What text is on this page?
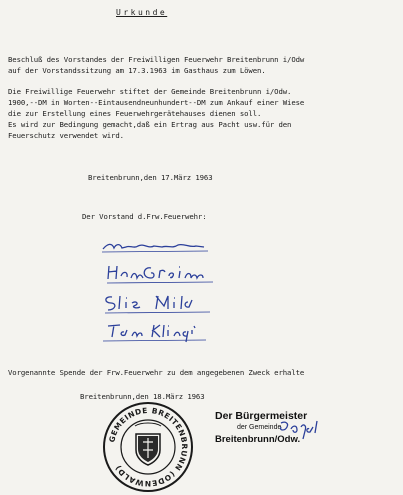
Urkunde
Beschluß des Vorstandes der Freiwilligen Feuerwehr Breitenbrunn i/Odw
auf der Vorstandssitzung am 17.3.1963 im Gasthaus zum Löwen.
Die Freiwillige Feuerwehr stiftet der Gemeinde Breitenbrunn i/Odw.
1900,--DM in Worten--Eintausendneunhundert--DM zum Ankauf einer Wiese
die zur Erstellung eines Feuerwehrgerätehauses dienen soll.
Es wird zur Bedingung gemacht,daß ein Ertrag aus Pacht usw.für den
Feuerschutz verwendet wird.
Breitenbrunn,den 17.März 1963
Der Vorstand d.Frw.Feuerwehr:
Vorgenannte Spende der Frw.Feuerwehr zu dem angegebenen Zweck erhalte
Breitenbrunn,den 18.März 1963
GEMEINDE BREITENBRUNN (ODENWALD)
Der Bürgermeister
der Gemeinde
Breitenbrunn/Odw.
